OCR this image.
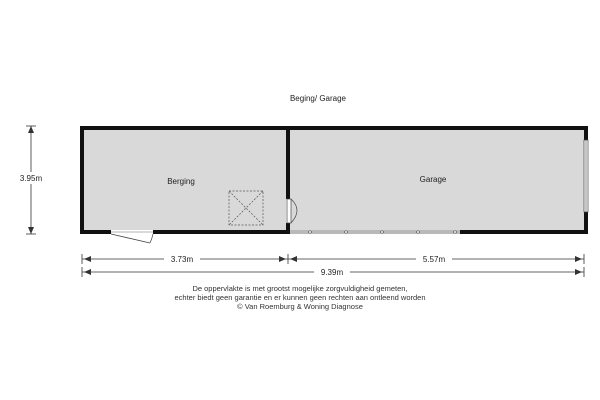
Beging/ Garage
Berging	Garage
3.95m
3.73m	5.57m
9.39m
De oppervlakte is met grootst mogelijke zorgvuldigheid gemeten,
echter biedt geen garantie en er kunnen geen rechten aan ontleend worden
© Van Roemburg & Woning Diagnose
